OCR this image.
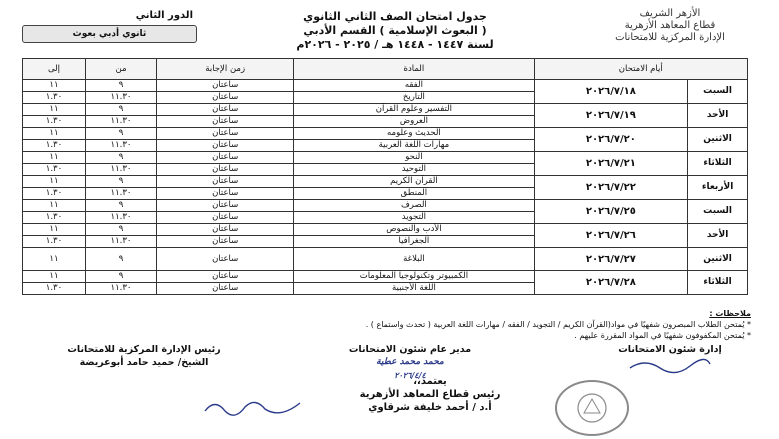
الأزهر الشريف
قطاع المعاهد الأزهرية
الإدارة المركزية للامتحانات
جدول امتحان الصف الثاني الثانوي
( البعوث الإسلامية ) القسم الأدبي
لسنة ١٤٤٧ - ١٤٤٨ هـ / ٢٠٢٥ - ٢٠٢٦م
الدور الثاني
ثانوي أدبي بعوث
أيام الامتحان		المادة	زمن الإجابة	من	إلى
السبت	٢٠٢٦/٧/١٨	الفقه	ساعتان	٩	١١
		التاريخ	ساعتان	١١.٣٠	١.٣٠
الأحد	٢٠٢٦/٧/١٩	التفسير وعلوم القرآن	ساعتان	٩	١١
		العروض	ساعتان	١١.٣٠	١.٣٠
الاثنين	٢٠٢٦/٧/٢٠	الحديث وعلومه	ساعتان	٩	١١
		مهارات اللغة العربية	ساعتان	١١.٣٠	١.٣٠
الثلاثاء	٢٠٢٦/٧/٢١	النحو	ساعتان	٩	١١
		التوحيد	ساعتان	١١.٣٠	١.٣٠
الأربعاء	٢٠٢٦/٧/٢٢	القرآن الكريم	ساعتان	٩	١١
		المنطق	ساعتان	١١.٣٠	١.٣٠
السبت	٢٠٢٦/٧/٢٥	الصرف	ساعتان	٩	١١
		التجويد	ساعتان	١١.٣٠	١.٣٠
الأحد	٢٠٢٦/٧/٢٦	الأدب والنصوص	ساعتان	٩	١١
		الجغرافيا	ساعتان	١١.٣٠	١.٣٠
الاثنين	٢٠٢٦/٧/٢٧	البلاغة	ساعتان	٩	١١
الثلاثاء	٢٠٢٦/٧/٢٨	الكمبيوتر وتكنولوجيا المعلومات	ساعتان	٩	١١
		اللغة الأجنبية	ساعتان	١١.٣٠	١.٣٠
ملاحظات :
* يُمتحن الطلاب المبصرون شفهيًا في مواد(القرآن الكريم / التجويد / الفقه / مهارات اللغة العربية ( تحدث واستماع ) .
* يُمتحن المكفوفون شفهيًا في المواد المقررة عليهم .
إدارة شئون الامتحانات
مدير عام شئون الامتحانات
محمد محمد عطية
٢٠٢٦/٤/٤
رئيس الإدارة المركزية للامتحانات
الشيخ/ حميد حامد أبوعريضة
يعتمد،،
رئيس قطاع المعاهد الأزهرية
أ.د / أحمد خليفة شرقاوي
